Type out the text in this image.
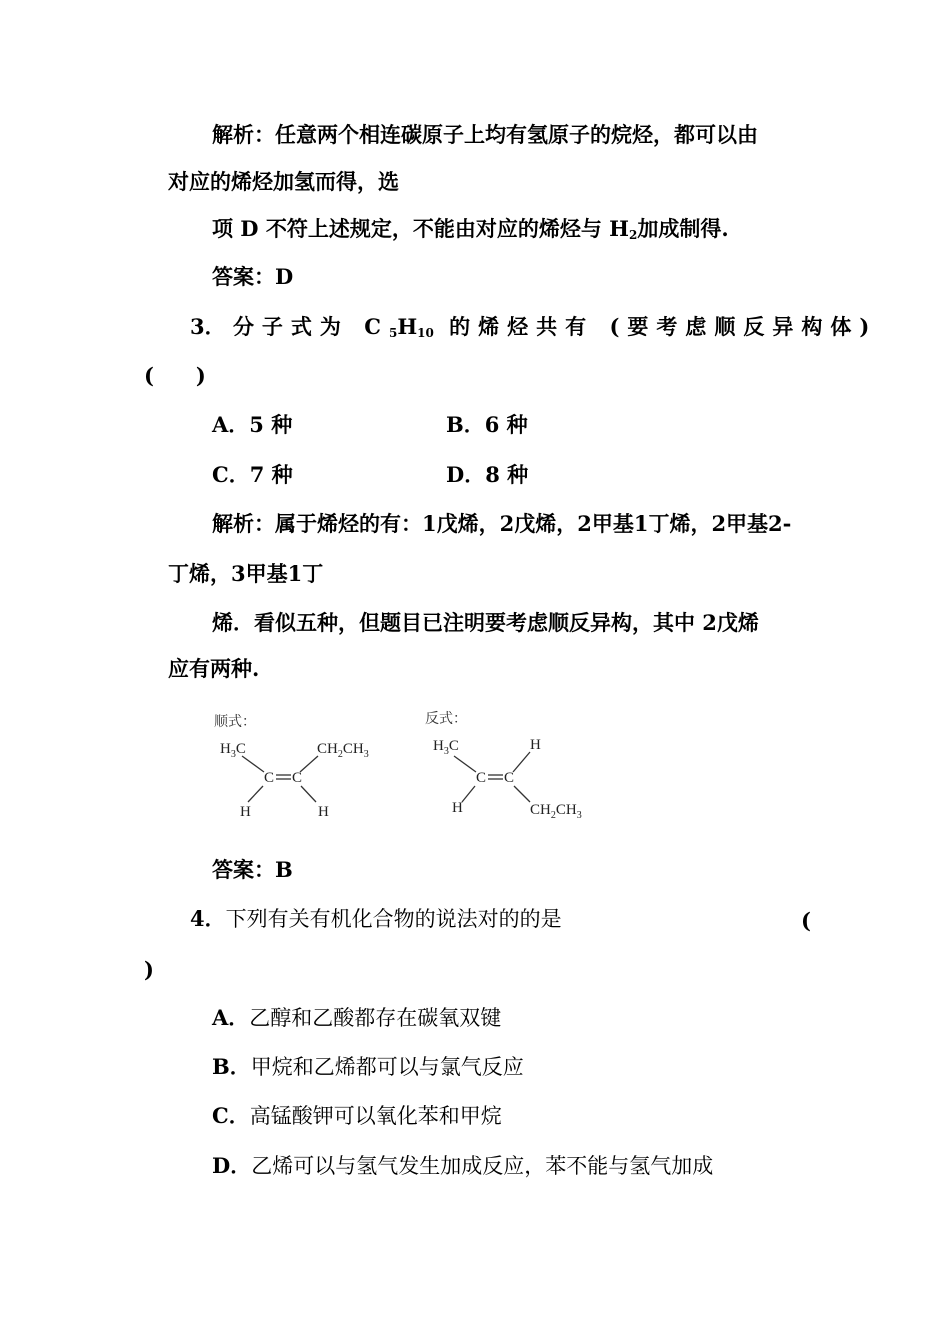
解析：任意两个相连碳原子上均有氢原子的烷烃，都可以由
对应的烯烃加氢而得，选
项 D 不符上述规定，不能由对应的烯烃与 $H_2$加成制得.
答案：D
3． 分子式为 $C_5H_{10}$ 的烯烃共有 (要考虑顺反异构体)
(　　)
A．5 种	B．6 种
C．7 种	D．8 种
解析：属于烯烃的有：1戊烯，2戊烯，2甲基1丁烯，2甲基2-
丁烯，3甲基1丁
烯．看似五种，但题目已注明要考虑顺反异构，其中 2戊烯
应有两种.
顺式：	反式：
$H_3C$	$CH_2CH_3$
C C
H	H
$H_3C$	H
C C
H	$CH_2CH_3$
答案：B
4．下列有关有机化合物的说法对的的是	(
)
A．乙醇和乙酸都存在碳氧双键
B．甲烷和乙烯都可以与氯气反应
C．高锰酸钾可以氧化苯和甲烷
D．乙烯可以与氢气发生加成反应，苯不能与氢气加成
